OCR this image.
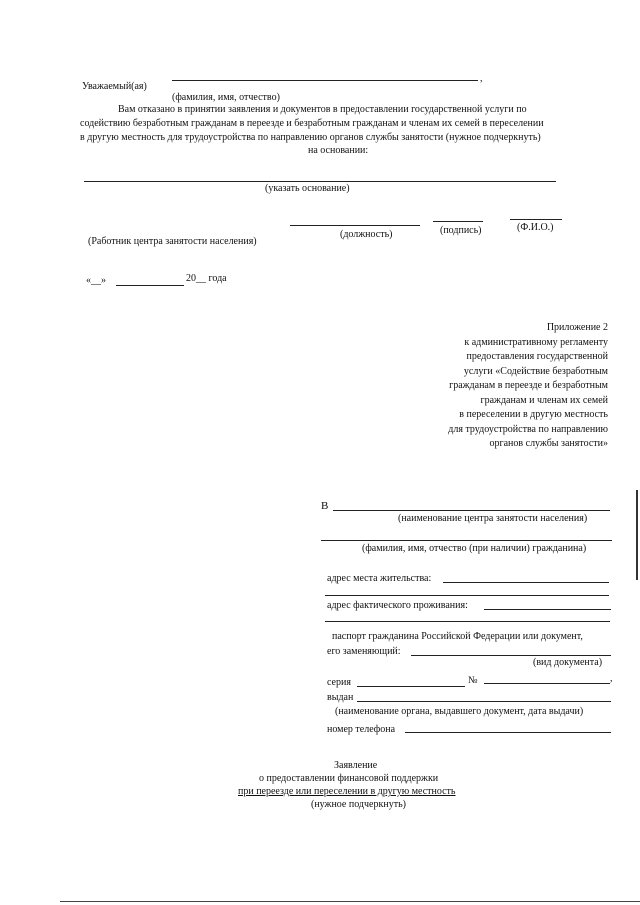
Уважаемый(ая)
,
(фамилия, имя, отчество)
Вам отказано в принятии заявления и документов в предоставлении государственной услуги по
содействию безработным гражданам в переезде и безработным гражданам и членам их семей в переселении
в другую местность для трудоустройства по направлению органов службы занятости (нужное подчеркнуть)
на основании:
(указать основание)
(Работник центра занятости населения)
(должность)	(подпись)	(Ф.И.О.)
«__»	20__ года
Приложение 2
к административному регламенту
предоставления государственной
услуги «Содействие безработным
гражданам в переезде и безработным
гражданам и членам их семей
в переселении в другую местность
для трудоустройства по направлению
органов службы занятости»
В
(наименование центра занятости населения)
(фамилия, имя, отчество (при наличии) гражданина)
адрес места жительства:
адрес фактического проживания:
паспорт гражданина Российской Федерации или документ,
его заменяющий:
(вид документа)
серия	№	,
выдан
(наименование органа, выдавшего документ, дата выдачи)
номер телефона
Заявление
о предоставлении финансовой поддержки
при переезде или переселении в другую местность
(нужное подчеркнуть)
